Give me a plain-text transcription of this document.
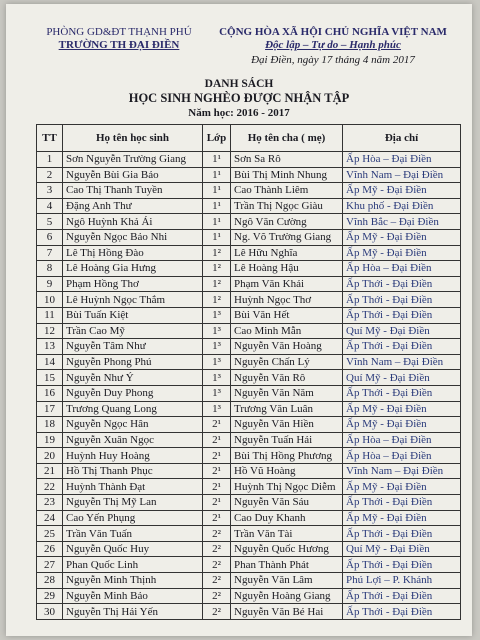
PHÒNG GD&ĐT THẠNH PHÚ
TRƯỜNG TH ĐẠI ĐIỀN
CỘNG HÒA XÃ HỘI CHỦ NGHĨA VIỆT NAM
Độc lập – Tự do – Hạnh phúc
Đại Điền, ngày 17 tháng 4 năm 2017
DANH SÁCH
HỌC SINH NGHÈO ĐƯỢC NHẬN TẬP
Năm học: 2016 - 2017
TT	Họ tên học sinh	Lớp	Họ tên cha ( mẹ)	Địa chỉ
1	Sơn Nguyễn Trường Giang	1¹	Sơn Sa Rô	Ấp Hòa – Đại Điền
2	Nguyễn Bùi Gia Bảo	1¹	Bùi Thị Minh Nhung	Vĩnh Nam – Đại Điền
3	Cao Thị Thanh Tuyền	1¹	Cao Thành Liêm	Ấp Mỹ - Đại Điền
4	Đặng Anh Thư	1¹	Trần Thị Ngọc Giàu	Khu phố - Đại Điền
5	Ngô Huỳnh Khả Ái	1¹	Ngô Văn Cường	Vĩnh Bắc – Đại Điền
6	Nguyễn Ngọc Bảo Nhi	1¹	Ng. Võ Trường Giang	Ấp Mỹ - Đại Điền
7	Lê Thị Hồng Đào	1²	Lê Hữu Nghĩa	Ấp Mỹ - Đại Điền
8	Lê Hoàng Gia Hưng	1²	Lê Hoàng Hậu	Ấp Hòa – Đại Điền
9	Phạm Hồng Thơ	1²	Phạm Văn Khải	Ấp Thới - Đại Điền
10	Lê Huỳnh Ngọc Thắm	1²	Huỳnh Ngọc Thơ	Ấp Thới - Đại Điền
11	Bùi Tuấn Kiệt	1³	Bùi Văn Hết	Ấp Thới - Đại Điền
12	Trần Cao Mỹ	1³	Cao Minh Mẫn	Quí Mỹ - Đại Điền
13	Nguyễn Tâm Như	1³	Nguyễn Văn Hoàng	Ấp Thới - Đại Điền
14	Nguyễn Phong Phú	1³	Nguyễn Chấn Lý	Vĩnh Nam – Đại Điền
15	Nguyễn Như Ý	1³	Nguyễn Văn Rô	Quí Mỹ - Đại Điền
16	Nguyễn Duy Phong	1³	Nguyễn Văn Năm	Ấp Thới - Đại Điền
17	Trương Quang Long	1³	Trương Văn Luân	Ấp Mỹ - Đại Điền
18	Nguyễn Ngọc Hân	2¹	Nguyễn Văn Hiền	Ấp Mỹ - Đại Điền
19	Nguyễn Xuân Ngọc	2¹	Nguyễn Tuấn Hải	Ấp Hòa – Đại Điền
20	Huỳnh Huy Hoàng	2¹	Bùi Thị Hồng Phương	Ấp Hòa – Đại Điền
21	Hồ Thị Thanh Phục	2¹	Hồ Vũ Hoàng	Vĩnh Nam – Đại Điền
22	Huỳnh Thành Đạt	2¹	Huỳnh Thị Ngọc Diễm	Ấp Mỹ - Đại Điền
23	Nguyễn Thị Mỹ Lan	2¹	Nguyễn Văn Sáu	Ấp Thới - Đại Điền
24	Cao Yến Phụng	2¹	Cao Duy Khanh	Ấp Mỹ - Đại Điền
25	Trần Văn Tuấn	2²	Trần Văn Tài	Ấp Thới - Đại Điền
26	Nguyễn Quốc Huy	2²	Nguyễn Quốc Hương	Quí Mỹ - Đại Điền
27	Phan Quốc Linh	2²	Phan Thành Phát	Ấp Thới - Đại Điền
28	Nguyễn Minh Thịnh	2²	Nguyễn Văn Lâm	Phú Lợi – P. Khánh
29	Nguyễn Minh Bảo	2²	Nguyễn Hoàng Giang	Ấp Thới - Đại Điền
30	Nguyễn Thị Hải Yến	2²	Nguyễn Văn Bé Hai	Ấp Thới - Đại Điền
